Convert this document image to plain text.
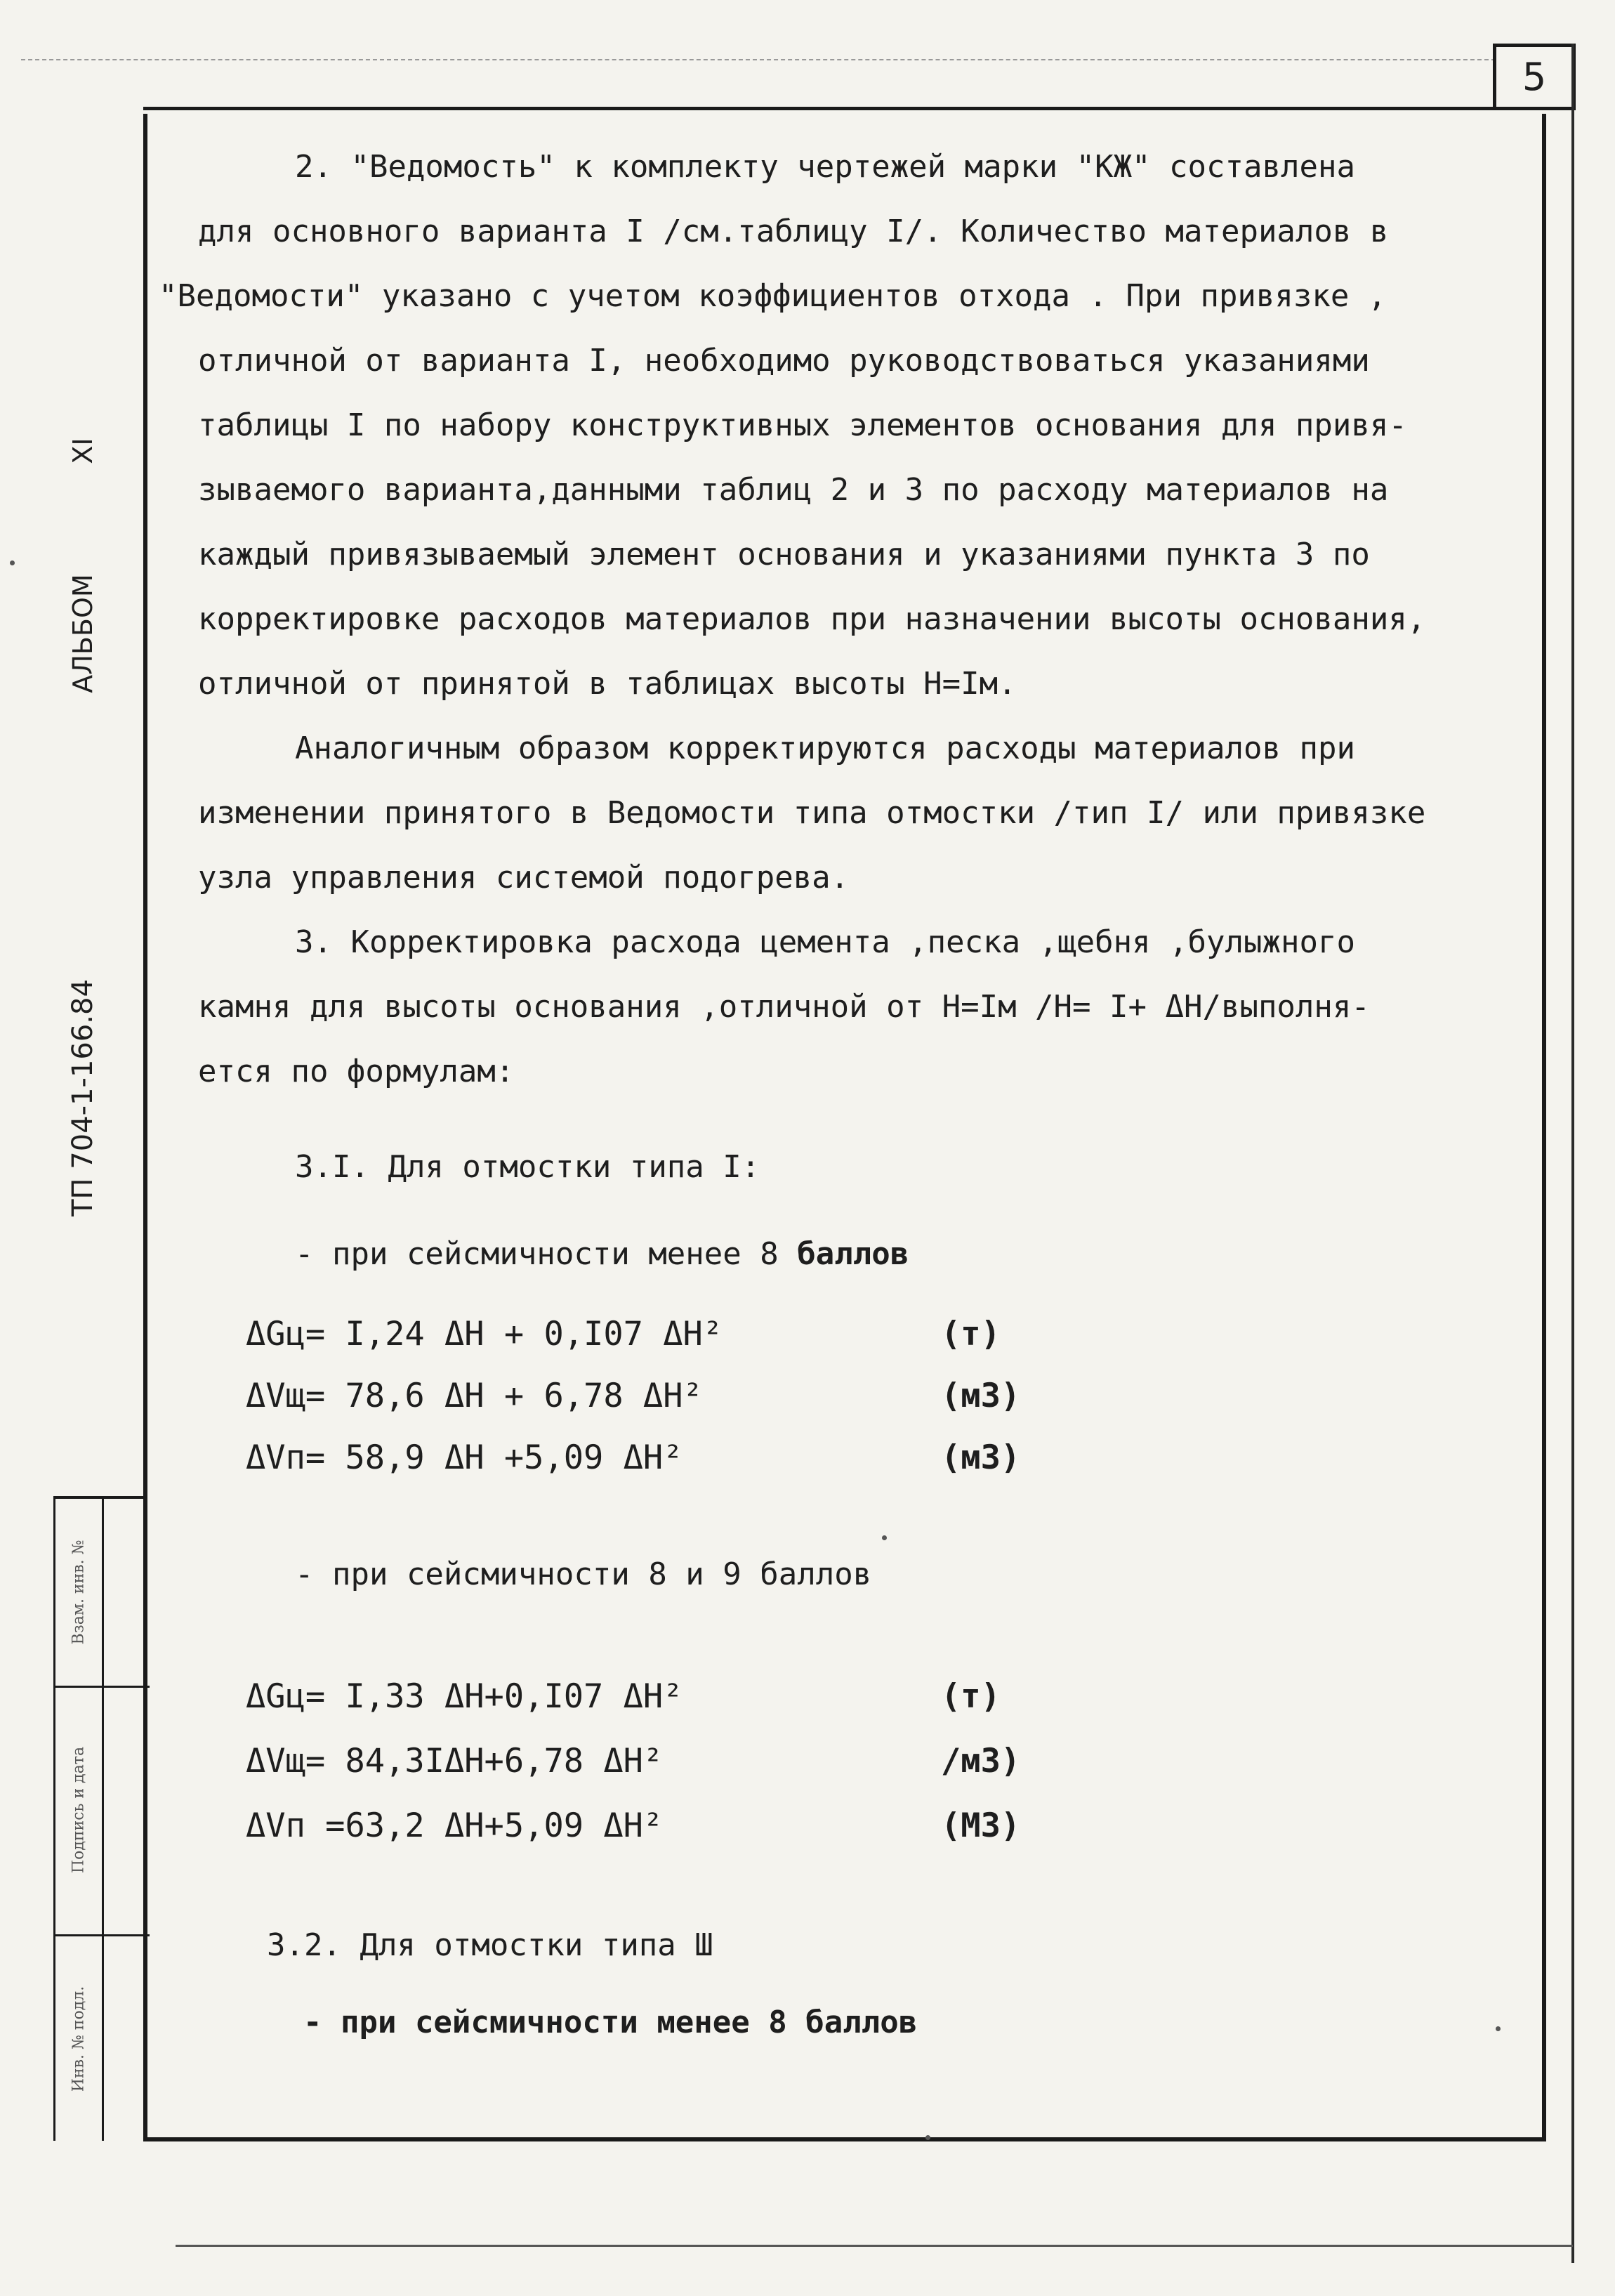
5
XI
АЛЬБОМ
ТП 704-1-166.84
Взам. инв. №
Подпись и дата
Инв. № подл.
2. "Ведомость" к комплекту чертежей марки "КЖ" составлена
для основного варианта I /см.таблицу I/. Количество материалов в
"Ведомости" указано с учетом коэффициентов отхода . При привязке ,
отличной от варианта I, необходимо руководствоваться указаниями
таблицы I по набору конструктивных элементов основания для привя-
зываемого варианта,данными таблиц 2 и 3 по расходу материалов на
каждый привязываемый элемент основания и указаниями пункта 3 по
корректировке расходов материалов при назначении высоты основания,
отличной от принятой в таблицах высоты H=Iм.
Аналогичным образом корректируются расходы материалов при
изменении принятого в Ведомости типа отмостки /тип I/ или привязке
узла управления системой подогрева.
3. Корректировка расхода цемента ,песка ,щебня ,булыжного
камня для высоты основания ,отличной от H=Iм /H= I+ ΔH/выполня-
ется по формулам:
3.I. Для отмостки типа I:
- при сейсмичности менее 8 баллов
ΔGц= I,24 ΔH + 0,I07 ΔH²	(т)
ΔVщ= 78,6 ΔH + 6,78 ΔH²	(м3)
ΔVп= 58,9 ΔH +5,09 ΔH²	(м3)
- при сейсмичности 8 и 9 баллов
ΔGц= I,33 ΔH+0,I07 ΔH²	(т)
ΔVщ= 84,3IΔH+6,78 ΔH²	/м3)
ΔVп =63,2 ΔH+5,09 ΔH²	(М3)
3.2. Для отмостки типа Ш
- при сейсмичности менее 8 баллов
